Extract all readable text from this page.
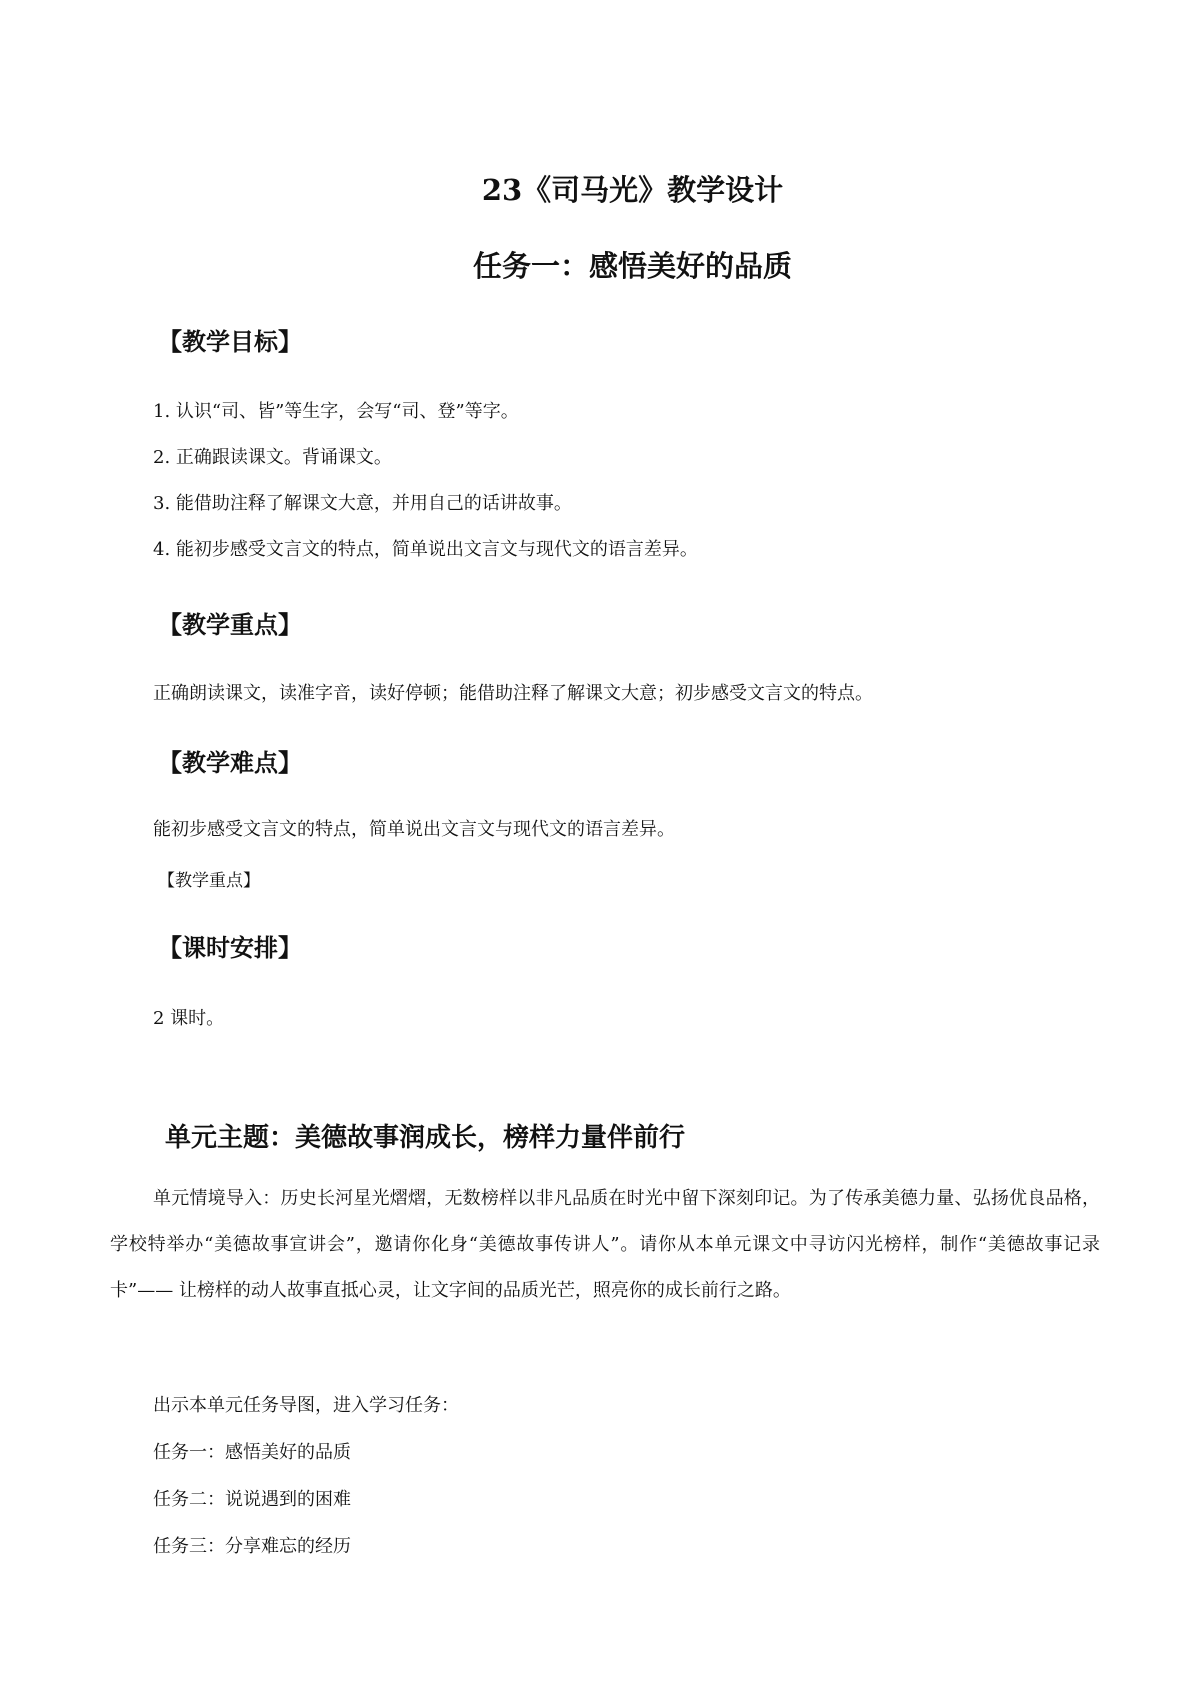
23《司马光》教学设计
任务一：感悟美好的品质
【教学目标】
1. 认识“司、皆”等生字，会写“司、登”等字。
2. 正确跟读课文。背诵课文。
3. 能借助注释了解课文大意，并用自己的话讲故事。
4. 能初步感受文言文的特点，简单说出文言文与现代文的语言差异。
【教学重点】
正确朗读课文，读准字音，读好停顿；能借助注释了解课文大意；初步感受文言文的特点。
【教学难点】
能初步感受文言文的特点，简单说出文言文与现代文的语言差异。
【教学重点】
【课时安排】
2 课时。
单元主题：美德故事润成长，榜样力量伴前行
单元情境导入：历史长河星光熠熠，无数榜样以非凡品质在时光中留下深刻印记。为了传承美德力量、弘扬优良品格，学校特举办“美德故事宣讲会”，邀请你化身“美德故事传讲人”。请你从本单元课文中寻访闪光榜样，制作“美德故事记录卡”—— 让榜样的动人故事直抵心灵，让文字间的品质光芒，照亮你的成长前行之路。
出示本单元任务导图，进入学习任务：
任务一：感悟美好的品质
任务二：说说遇到的困难
任务三：分享难忘的经历
